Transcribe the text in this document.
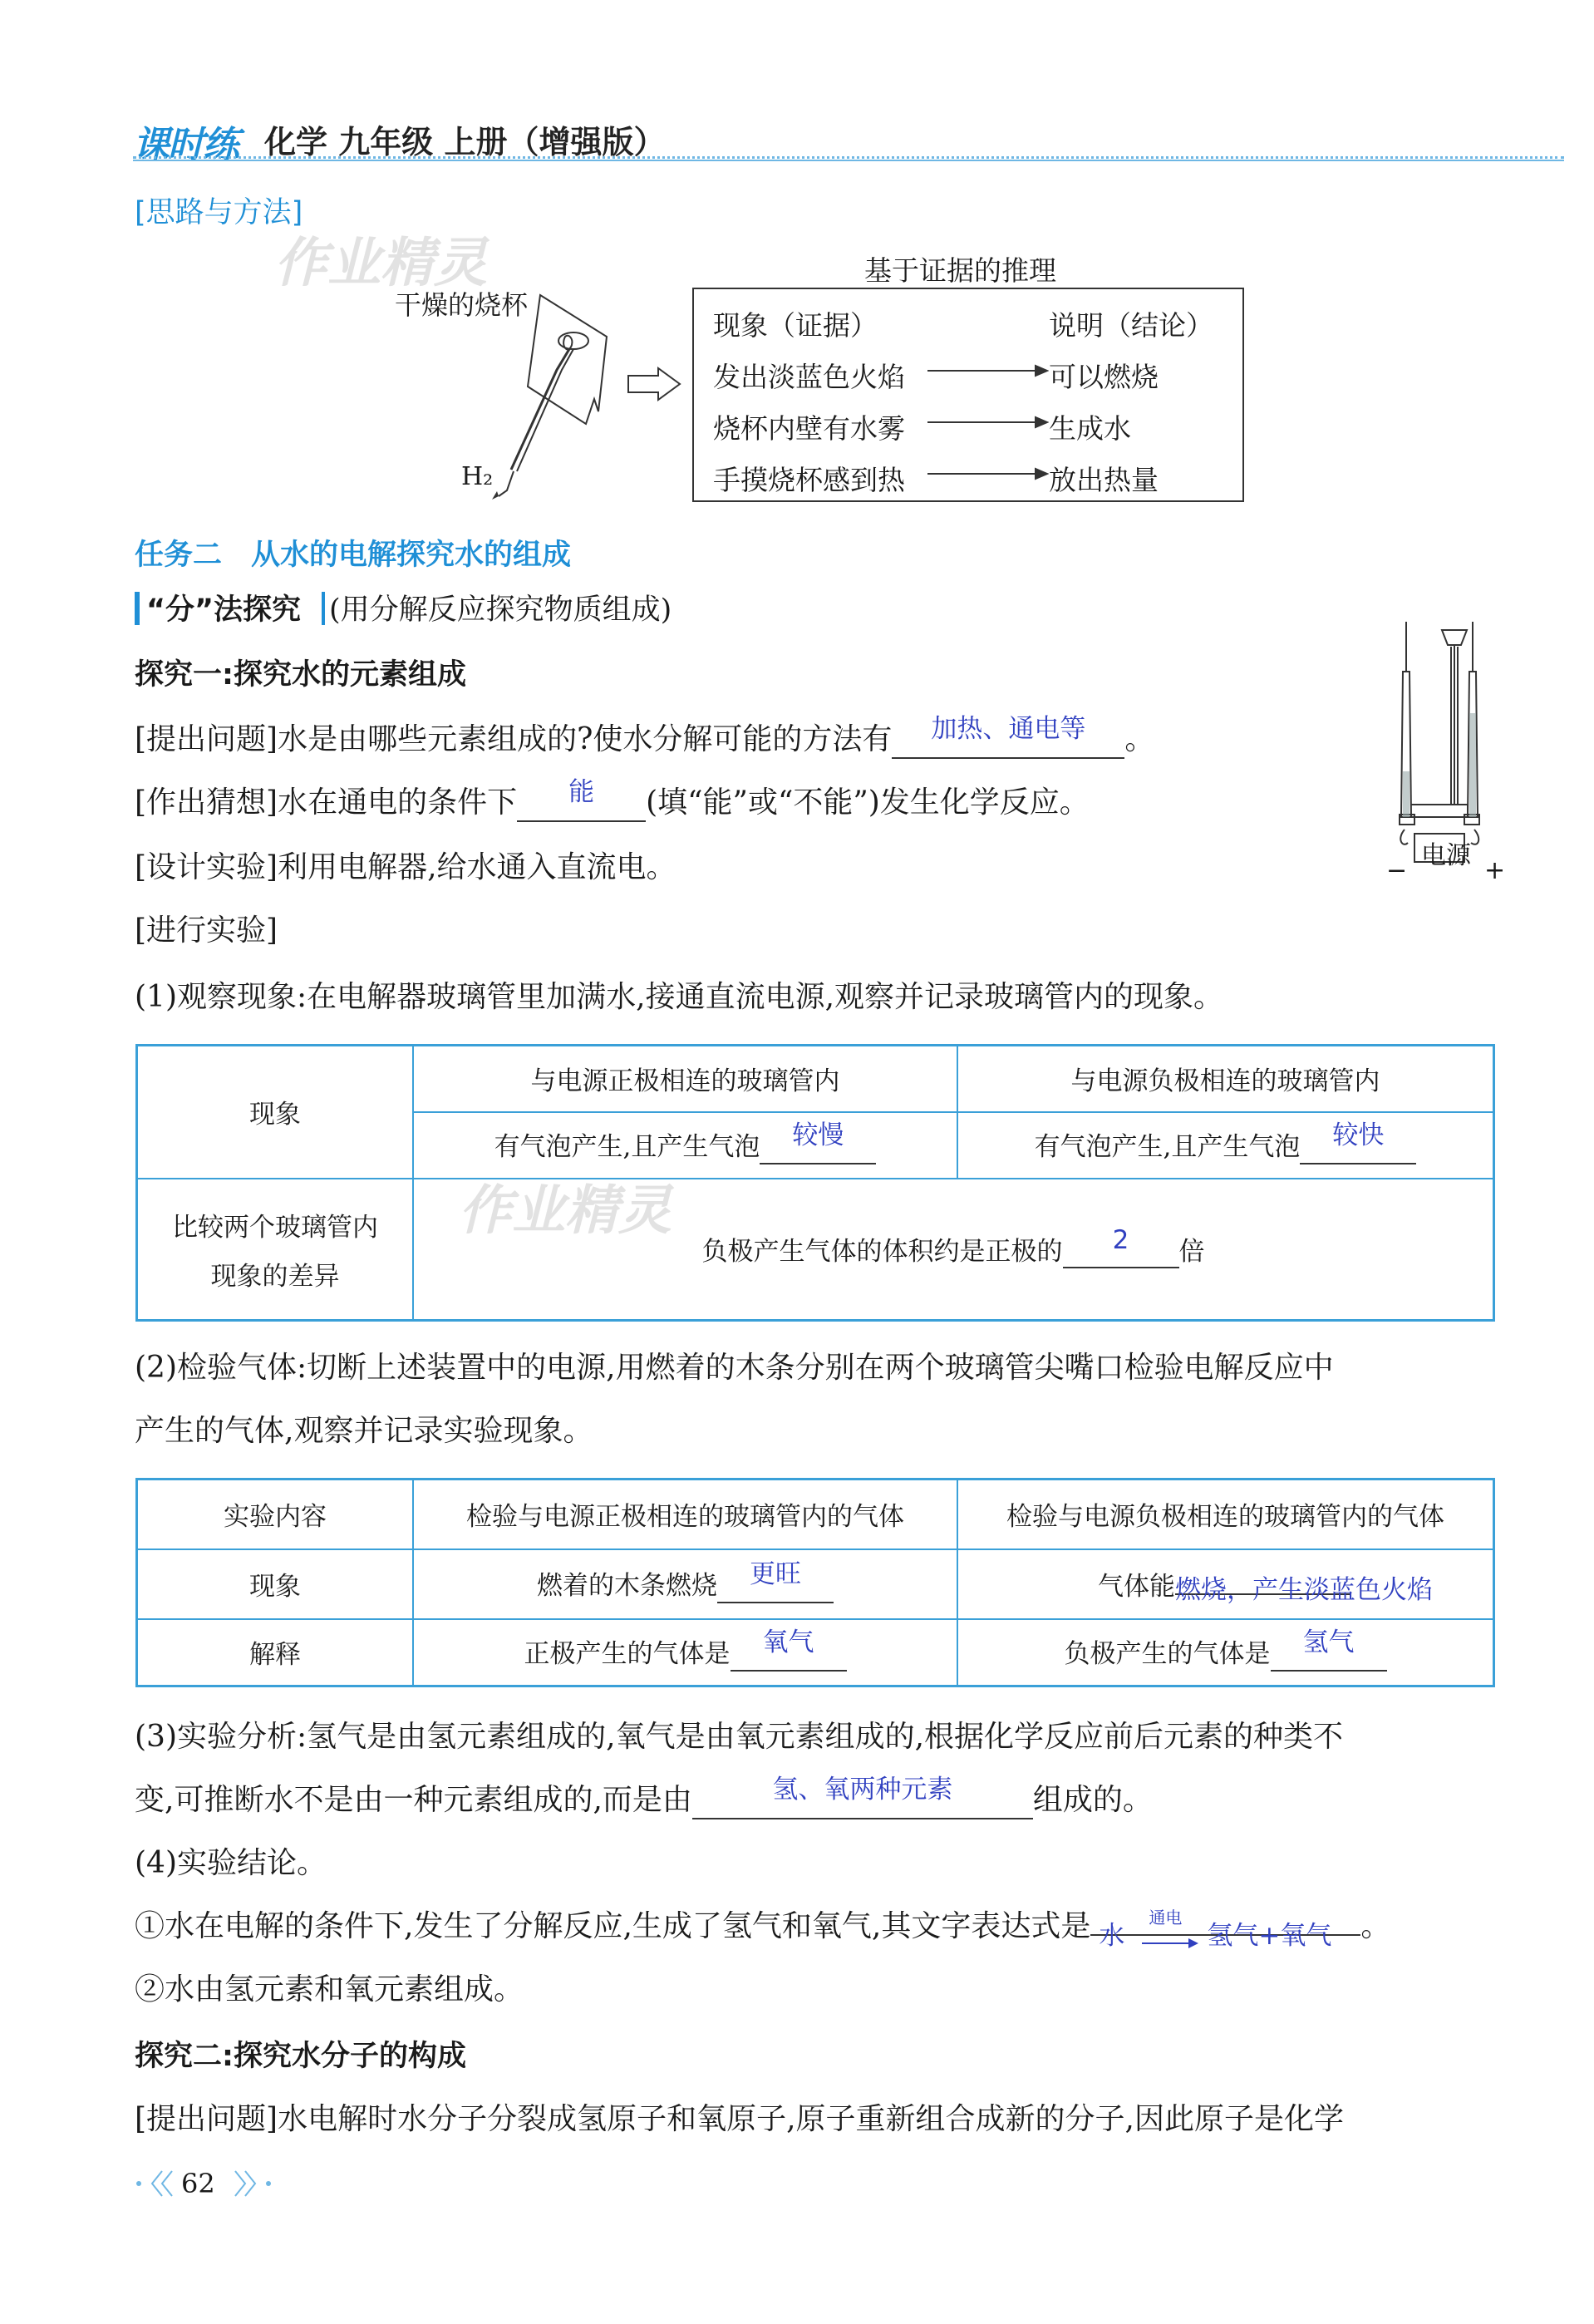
课时练 化学 九年级 上册（增强版）
作业精灵
作业精灵
[思路与方法]
干燥的烧杯
H₂
基于证据的推理
现象（证据）	说明（结论）
发出淡蓝色火焰	可以燃烧
烧杯内壁有水雾	生成水
手摸烧杯感到热	放出热量
任务二　从水的电解探究水的组成
“分”法探究 (用分解反应探究物质组成)
电源
−	+
探究一:探究水的元素组成
[提出问题]水是由哪些元素组成的?使水分解可能的方法有 加热、通电等 。
[作出猜想]水在通电的条件下 能 (填“能”或“不能”)发生化学反应。
[设计实验]利用电解器,给水通入直流电。
[进行实验]
(1)观察现象:在电解器玻璃管里加满水,接通直流电源,观察并记录玻璃管内的现象。
现象	与电源正极相连的玻璃管内	与电源负极相连的玻璃管内
	有气泡产生,且产生气泡 较慢	有气泡产生,且产生气泡 较快

比较两个玻璃管内
现象的差异	负极产生气体的体积约是正极的 2 倍	
(2)检验气体:切断上述装置中的电源,用燃着的木条分别在两个玻璃管尖嘴口检验电解反应中
产生的气体,观察并记录实验现象。
实验内容	检验与电源正极相连的玻璃管内的气体	检验与电源负极相连的玻璃管内的气体
现象	燃着的木条燃烧 更旺	气体能 燃烧，产生淡蓝色火焰

解释	正极产生的气体是 氧气	负极产生的气体是 氢气
(3)实验分析:氢气是由氢元素组成的,氧气是由氧元素组成的,根据化学反应前后元素的种类不
变,可推断水不是由一种元素组成的,而是由	氢、氧两种元素	组成的。
(4)实验结论。
①水在电解的条件下,发生了分解反应,生成了氢气和氧气,其文字表达式是 水
通电
→ 氢气+氧气 。
②水由氢元素和氧元素组成。
探究二:探究水分子的构成
[提出问题]水电解时水分子分裂成氢原子和氧原子,原子重新组合成新的分子,因此原子是化学
62
